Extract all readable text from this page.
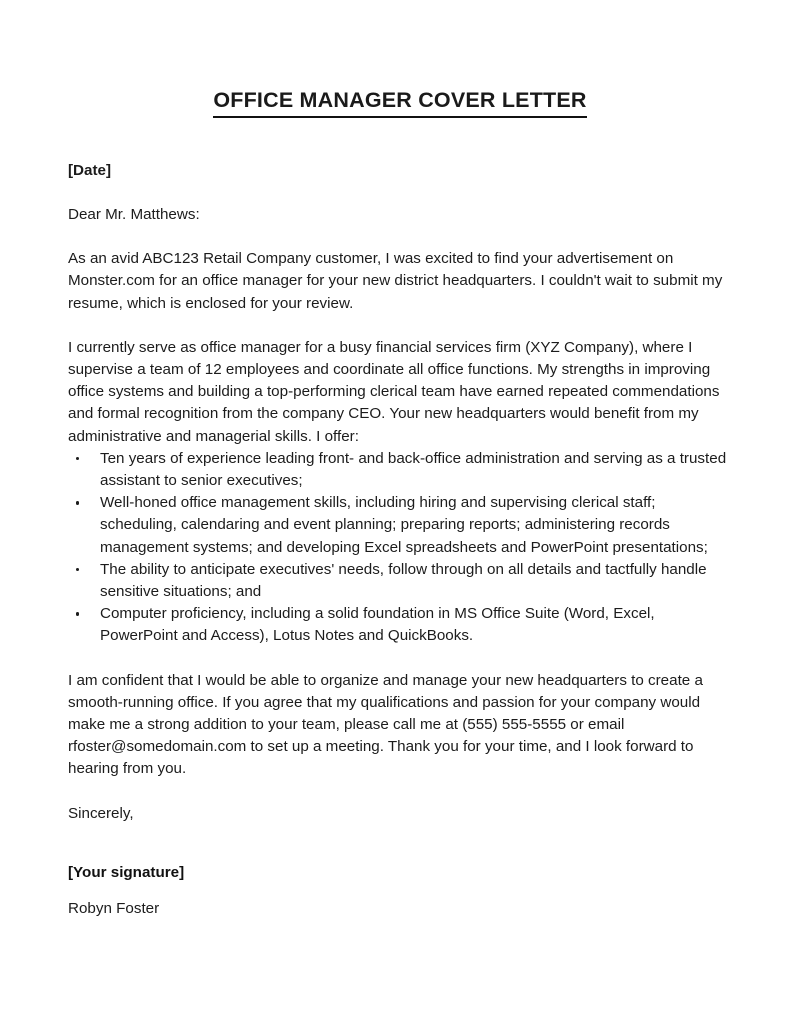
OFFICE MANAGER COVER LETTER

[Date]

Dear Mr. Matthews:

As an avid ABC123 Retail Company customer, I was excited to find your advertisement on Monster.com for an office manager for your new district headquarters. I couldn't wait to submit my resume, which is enclosed for your review.

I currently serve as office manager for a busy financial services firm (XYZ Company), where I supervise a team of 12 employees and coordinate all office functions. My strengths in improving office systems and building a top-performing clerical team have earned repeated commendations and formal recognition from the company CEO. Your new headquarters would benefit from my administrative and managerial skills. I offer:

Ten years of experience leading front- and back-office administration and serving as a trusted assistant to senior executives;
Well-honed office management skills, including hiring and supervising clerical staff; scheduling, calendaring and event planning; preparing reports; administering records management systems; and developing Excel spreadsheets and PowerPoint presentations;
The ability to anticipate executives' needs, follow through on all details and tactfully handle sensitive situations; and
Computer proficiency, including a solid foundation in MS Office Suite (Word, Excel, PowerPoint and Access), Lotus Notes and QuickBooks.

I am confident that I would be able to organize and manage your new headquarters to create a smooth-running office. If you agree that my qualifications and passion for your company would make me a strong addition to your team, please call me at (555) 555-5555 or email rfoster@somedomain.com to set up a meeting. Thank you for your time, and I look forward to hearing from you.

Sincerely,

[Your signature]

Robyn Foster
